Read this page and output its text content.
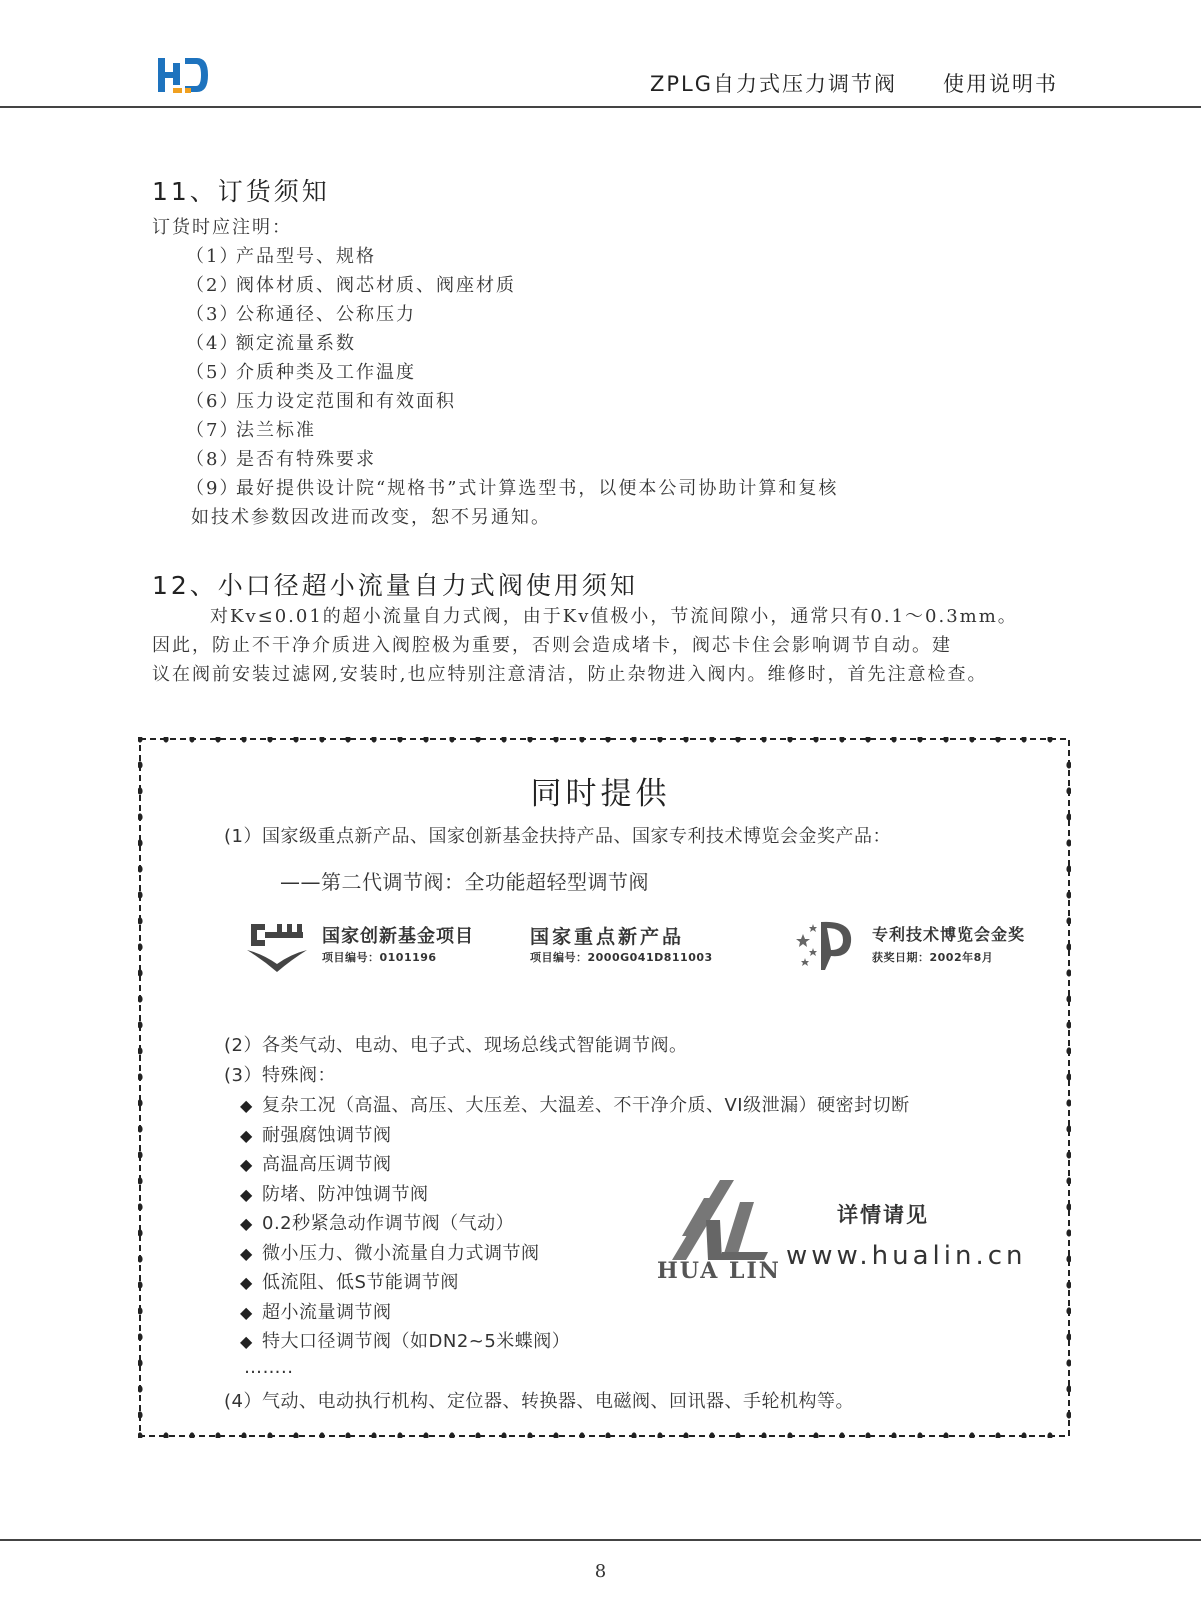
ZPLG自力式压力调节阀 使用说明书
11、订货须知
订货时应注明：
（1）产品型号、规格
（2）阀体材质、阀芯材质、阀座材质
（3）公称通径、公称压力
（4）额定流量系数
（5）介质种类及工作温度
（6）压力设定范围和有效面积
（7）法兰标准
（8）是否有特殊要求
（9）最好提供设计院“规格书”式计算选型书，以便本公司协助计算和复核
如技术参数因改进而改变，恕不另通知。
12、小口径超小流量自力式阀使用须知
对Kv≤0.01的超小流量自力式阀，由于Kv值极小，节流间隙小，通常只有0.1～0.3mm。
因此，防止不干净介质进入阀腔极为重要，否则会造成堵卡，阀芯卡住会影响调节自动。建
议在阀前安装过滤网,安装时,也应特别注意清洁，防止杂物进入阀内。维修时，首先注意检查。
同时提供
(1）国家级重点新产品、国家创新基金扶持产品、国家专利技术博览会金奖产品：
——第二代调节阀：全功能超轻型调节阀
国家创新基金项目
项目编号：0101196
国家重点新产品
项目编号：2000G041D811003
专利技术博览会金奖
获奖日期：2002年8月
(2）各类气动、电动、电子式、现场总线式智能调节阀。
(3）特殊阀：
◆ 复杂工况（高温、高压、大压差、大温差、不干净介质、VI级泄漏）硬密封切断
◆ 耐强腐蚀调节阀
◆ 高温高压调节阀
◆ 防堵、防冲蚀调节阀
◆ 0.2秒紧急动作调节阀（气动）
◆ 微小压力、微小流量自力式调节阀
◆ 低流阻、低S节能调节阀
◆ 超小流量调节阀
◆ 特大口径调节阀（如DN2~5米蝶阀）
……..
(4）气动、电动执行机构、定位器、转换器、电磁阀、回讯器、手轮机构等。
HUA LIN
详情请见
www.hualin.cn
8
